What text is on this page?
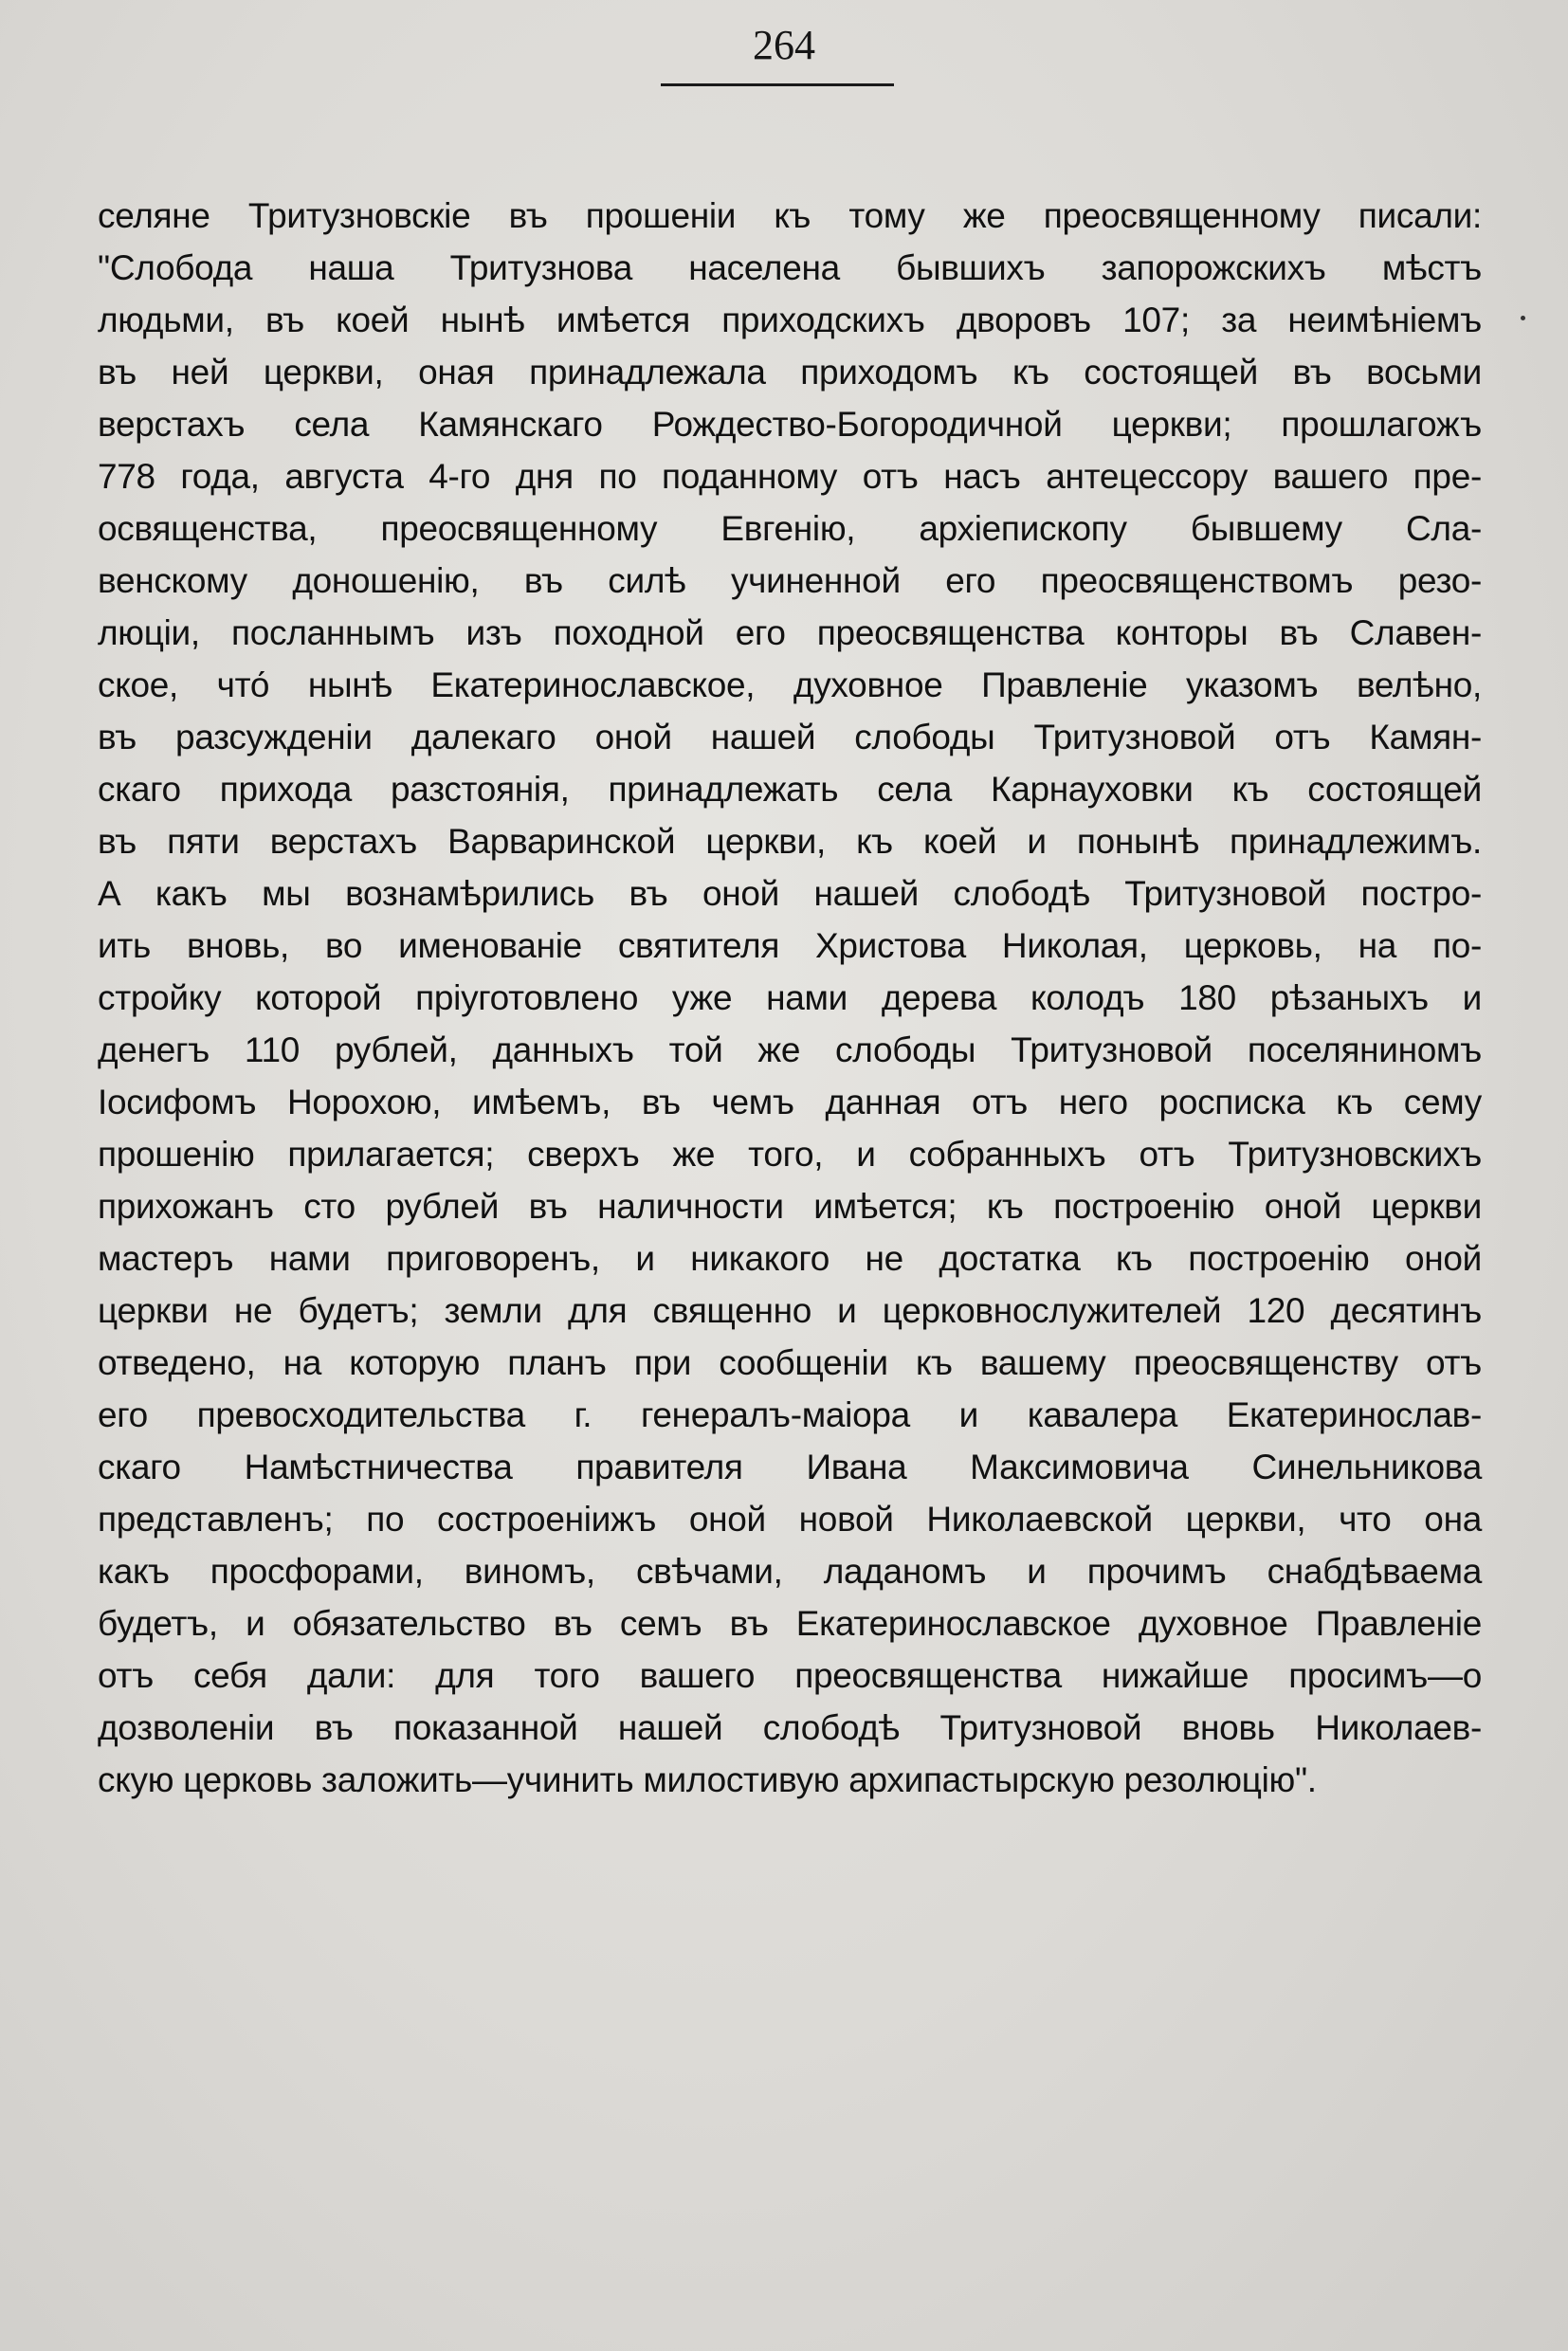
264
селяне Тритузновскіе въ прошеніи къ тому же преосвященному писали:
"Слобода наша Тритузнова населена бывшихъ запорожскихъ мѣстъ
людьми, въ коей нынѣ имѣется приходскихъ дворовъ 107; за неимѣніемъ
въ ней церкви, оная принадлежала приходомъ къ состоящей въ восьми
верстахъ села Камянскаго Рождество-Богородичной церкви; прошлагожъ
778 года, августа 4-го дня по поданному отъ насъ антецессору вашего пре-
освященства, преосвященному Евгенію, архіепископу бывшему Сла-
венскому доношенію, въ силѣ учиненной его преосвященствомъ резо-
люціи, посланнымъ изъ походной его преосвященства конторы въ Славен-
ское, что́ нынѣ Екатеринославское, духовное Правленіе указомъ велѣно,
въ разсужденіи далекаго оной нашей слободы Тритузновой отъ Камян-
скаго прихода разстоянія, принадлежать села Карнауховки къ состоящей
въ пяти верстахъ Варваринской церкви, къ коей и понынѣ принадлежимъ.
А какъ мы вознамѣрились въ оной нашей слободѣ Тритузновой постро-
ить вновь, во именованіе святителя Христова Николая, церковь, на по-
стройку которой пріуготовлено уже нами дерева колодъ 180 рѣзаныхъ и
денегъ 110 рублей, данныхъ той же слободы Тритузновой поселяниномъ
Іосифомъ Норохою, имѣемъ, въ чемъ данная отъ него росписка къ сему
прошенію прилагается; сверхъ же того, и собранныхъ отъ Тритузновскихъ
прихожанъ сто рублей въ наличности имѣется; къ построенію оной церкви
мастеръ нами приговоренъ, и никакого не достатка къ построенію оной
церкви не будетъ; земли для священно и церковнослужителей 120 десятинъ
отведено, на которую планъ при сообщеніи къ вашему преосвященству отъ
его превосходительства г. генералъ-маіора и кавалера Екатеринослав-
скаго Намѣстничества правителя Ивана Максимовича Синельникова
представленъ; по состроеніижъ оной новой Николаевской церкви, что она
какъ просфорами, виномъ, свѣчами, ладаномъ и прочимъ снабдѣваема
будетъ, и обязательство въ семъ въ Екатеринославское духовное Правленіе
отъ себя дали: для того вашего преосвященства нижайше просимъ—о
дозволеніи въ показанной нашей слободѣ Тритузновой вновь Николаев-
скую церковь заложить—учинить милостивую архипастырскую резолюцію".
